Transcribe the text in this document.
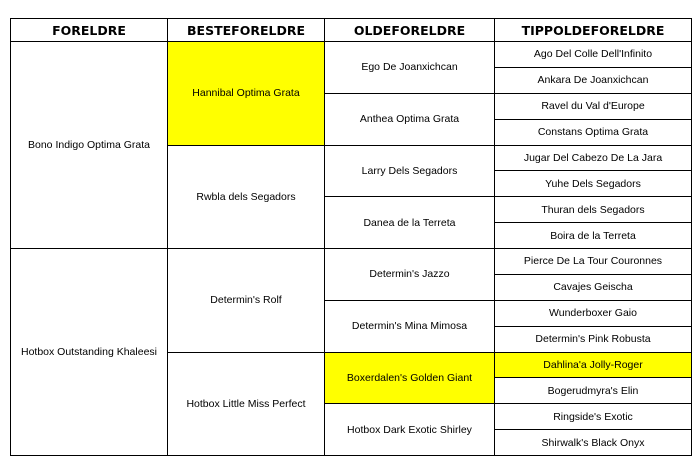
FORELDRE	BESTEFORELDRE	OLDEFORELDRE	TIPPOLDEFORELDRE
Bono Indigo Optima Grata	Hannibal Optima Grata	Ego De Joanxichcan	Ago Del Colle Dell'Infinito
			Ankara De Joanxichcan
		Anthea Optima Grata	Ravel du Val d'Europe
			Constans Optima Grata
	Rwbla dels Segadors	Larry Dels Segadors	Jugar Del Cabezo De La Jara
			Yuhe Dels Segadors
		Danea de la Terreta	Thuran dels Segadors
			Boira de la Terreta
Hotbox Outstanding Khaleesi	Determin's Rolf	Determin's Jazzo	Pierce De La Tour Couronnes
			Cavajes Geischa
		Determin's Mina Mimosa	Wunderboxer Gaio
			Determin's Pink Robusta
	Hotbox Little Miss Perfect	Boxerdalen's Golden Giant	Dahlina'a Jolly-Roger
			Bogerudmyra's Elin
		Hotbox Dark Exotic Shirley	Ringside's Exotic
			Shirwalk's Black Onyx
